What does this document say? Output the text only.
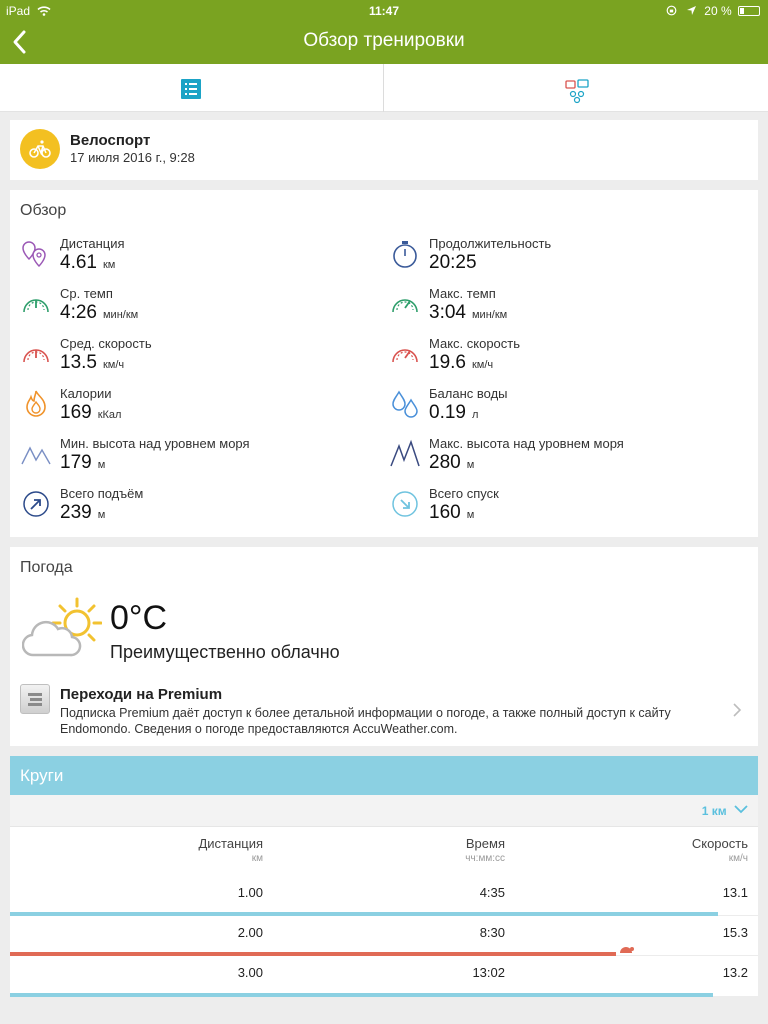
iPad	11:47	20 %
Обзор тренировки
Велоспорт
17 июля 2016 г., 9:28
Обзор
Дистанция
4.61 км
Продолжительность
20:25
Ср. темп
4:26 мин/км
Макс. темп
3:04 мин/км
Сред. скорость
13.5 км/ч
Макс. скорость
19.6 км/ч
Калории
169 кКал
Баланс воды
0.19 л
Мин. высота над уровнем моря
179 м
Макс. высота над уровнем моря
280 м
Всего подъём
239 м
Всего спуск
160 м
Погода
0°C
Преимущественно облачно
Переходи на Premium
Подписка Premium даёт доступ к более детальной информации о погоде, а также полный доступ к сайту Endomondo. Сведения о погоде предоставляются AccuWeather.com.
Круги
1 км
Дистанция
км
Время
чч:мм:сс
Скорость
км/ч
1.00	4:35	13.1
2.00	8:30	15.3
3.00	13:02	13.2
